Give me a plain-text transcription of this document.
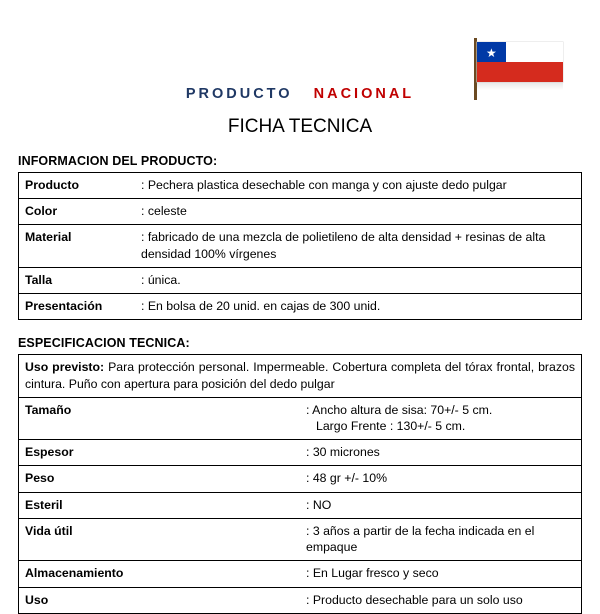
★

PRODUCTO NACIONAL

FICHA TECNICA
INFORMACION DEL PRODUCTO:
Producto	: Pechera plastica desechable con manga y con ajuste dedo pulgar
Color	: celeste
Material	: fabricado de una mezcla de polietileno de alta densidad + resinas de alta densidad 100% vírgenes
Talla	: única.
Presentación	: En bolsa de 20 unid. en cajas de 300 unid.
ESPECIFICACION TECNICA:
Uso previsto: Para protección personal. Impermeable. Cobertura completa del tórax frontal, brazos cintura. Puño con apertura para posición del dedo pulgar	
Tamaño	: Ancho altura de sisa: 70+/- 5 cm.
Largo Frente : 130+/- 5 cm.

Espesor	: 30 micrones
Peso	: 48 gr +/- 10%
Esteril	: NO
Vida útil	: 3 años a partir de la fecha indicada en el empaque
Almacenamiento	: En Lugar fresco y seco
Uso	: Producto desechable para un solo uso
